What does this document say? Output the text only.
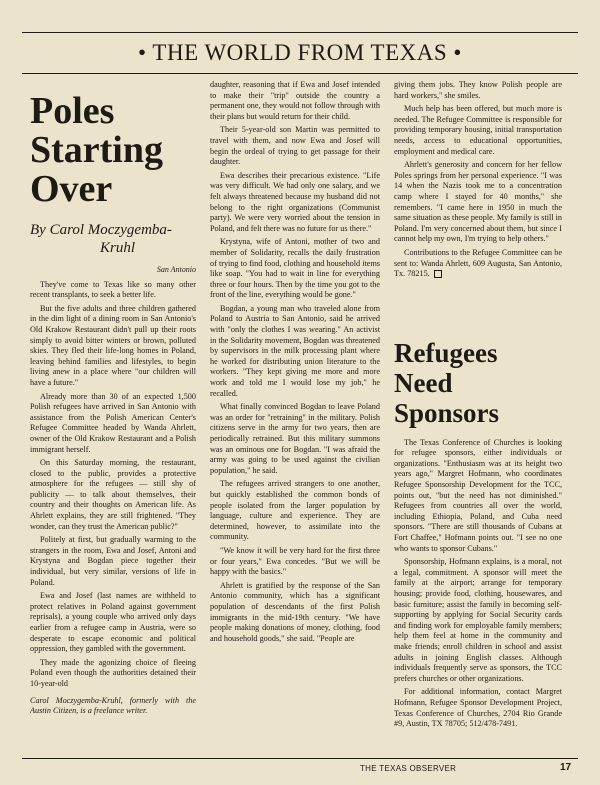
• THE WORLD FROM TEXAS •
Poles Starting Over
By Carol Moczygemba-
Kruhl
San Antonio

They've come to Texas like so many other recent transplants, to seek a better life.

But the five adults and three children gathered in the dim light of a dining room in San Antonio's Old Krakow Restaurant didn't pull up their roots simply to avoid bitter winters or brown, polluted skies. They fled their life-long homes in Poland, leaving behind families and lifestyles, to begin living anew in a place where "our children will have a future."

Already more than 30 of an expected 1,500 Polish refugees have arrived in San Antonio with assistance from the Polish American Center's Refugee Committee headed by Wanda Ahrlett, owner of the Old Krakow Restaurant and a Polish immigrant herself.

On this Saturday morning, the restaurant, closed to the public, provides a protective atmosphere for the refugees — still shy of publicity — to talk about themselves, their country and their thoughts on American life. As Ahrlett explains, they are still frightened. "They wonder, can they trust the American public?"

Politely at first, but gradually warming to the strangers in the room, Ewa and Josef, Antoni and Krystyna and Bogdan piece together their individual, but very similar, versions of life in Poland.

Ewa and Josef (last names are withheld to protect relatives in Poland against government reprisals), a young couple who arrived only days earlier from a refugee camp in Austria, were so desperate to escape economic and political oppression, they gambled with the government.

They made the agonizing choice of fleeing Poland even though the authorities detained their 10-year-old

Carol Moczygemba-Kruhl, formerly with the Austin Citizen, is a freelance writer.

daughter, reasoning that if Ewa and Josef intended to make their "trip" outside the country a permanent one, they would not follow through with their plans but would return for their child.

Their 5-year-old son Martin was permitted to travel with them, and now Ewa and Josef will begin the ordeal of trying to get passage for their daughter.

Ewa describes their precarious existence. "Life was very difficult. We had only one salary, and we felt always threatened because my husband did not belong to the right organizations (Communist party). We were very worried about the tension in Poland, and felt there was no future for us there."

Krystyna, wife of Antoni, mother of two and member of Solidarity, recalls the daily frustration of trying to find food, clothing and household items like soap. "You had to wait in line for everything three or four hours. Then by the time you got to the front of the line, everything would be gone."

Bogdan, a young man who traveled alone from Poland to Austria to San Antonio, said he arrived with "only the clothes I was wearing." An activist in the Solidarity movement, Bogdan was threatened by supervisors in the milk processing plant where he worked for distributing union literature to the workers. "They kept giving me more and more work and told me I would lose my job," he recalled.

What finally convinced Bogdan to leave Poland was an order for "retraining" in the military. Polish citizens serve in the army for two years, then are periodically retrained. But this military summons was an ominous one for Bogdan. "I was afraid the army was going to be used against the civilian population," he said.

The refugees arrived strangers to one another, but quickly established the common bonds of people isolated from the larger population by language, culture and experience. They are determined, however, to assimilate into the community.

"We know it will be very hard for the first three or four years," Ewa concedes. "But we will be happy with the basics."

Ahrlett is gratified by the response of the San Antonio community, which has a significant population of descendants of the first Polish immigrants in the mid-19th century. "We have people making donations of money, clothing, food and household goods," she said. "People are

giving them jobs. They know Polish people are hard workers," she smiles.

Much help has been offered, but much more is needed. The Refugee Committee is responsible for providing temporary housing, initial transportation needs, access to educational opportunities, employment and medical care.

Ahrlett's generosity and concern for her fellow Poles springs from her personal experience. "I was 14 when the Nazis took me to a concentration camp where I stayed for 40 months," she remembers. "I came here in 1950 in much the same situation as these people. My family is still in Poland. I'm very concerned about them, but since I cannot help my own, I'm trying to help others."

Contributions to the Refugee Committee can be sent to: Wanda Ahrlett, 609 Augusta, San Antonio, Tx. 78215.

Refugees Need Sponsors

The Texas Conference of Churches is looking for refugee sponsors, either individuals or organizations. "Enthusiasm was at its height two years ago," Margret Hofmann, who coordinates Refugee Sponsorship Development for the TCC, points out, "but the need has not diminished." Refugees from countries all over the world, including Ethiopia, Poland, and Cuba need sponsors. "There are still thousands of Cubans at Fort Chaffee," Hofmann points out. "I see no one who wants to sponsor Cubans."

Sponsorship, Hofmann explains, is a moral, not a legal, commitment. A sponsor will meet the family at the airport; arrange for temporary housing; provide food, clothing, housewares, and basic furniture; assist the family in becoming self-supporting by applying for Social Security cards and finding work for employable family members; help them feel at home in the community and make friends; enroll children in school and assist adults in joining English classes. Although individuals frequently serve as sponsors, the TCC prefers churches or other organizations.

For additional information, contact Margret Hofmann, Refugee Sponsor Development Project, Texas Conference of Churches, 2704 Rio Grande #9, Austin, TX 78705; 512/478-7491.

THE TEXAS OBSERVER	17
